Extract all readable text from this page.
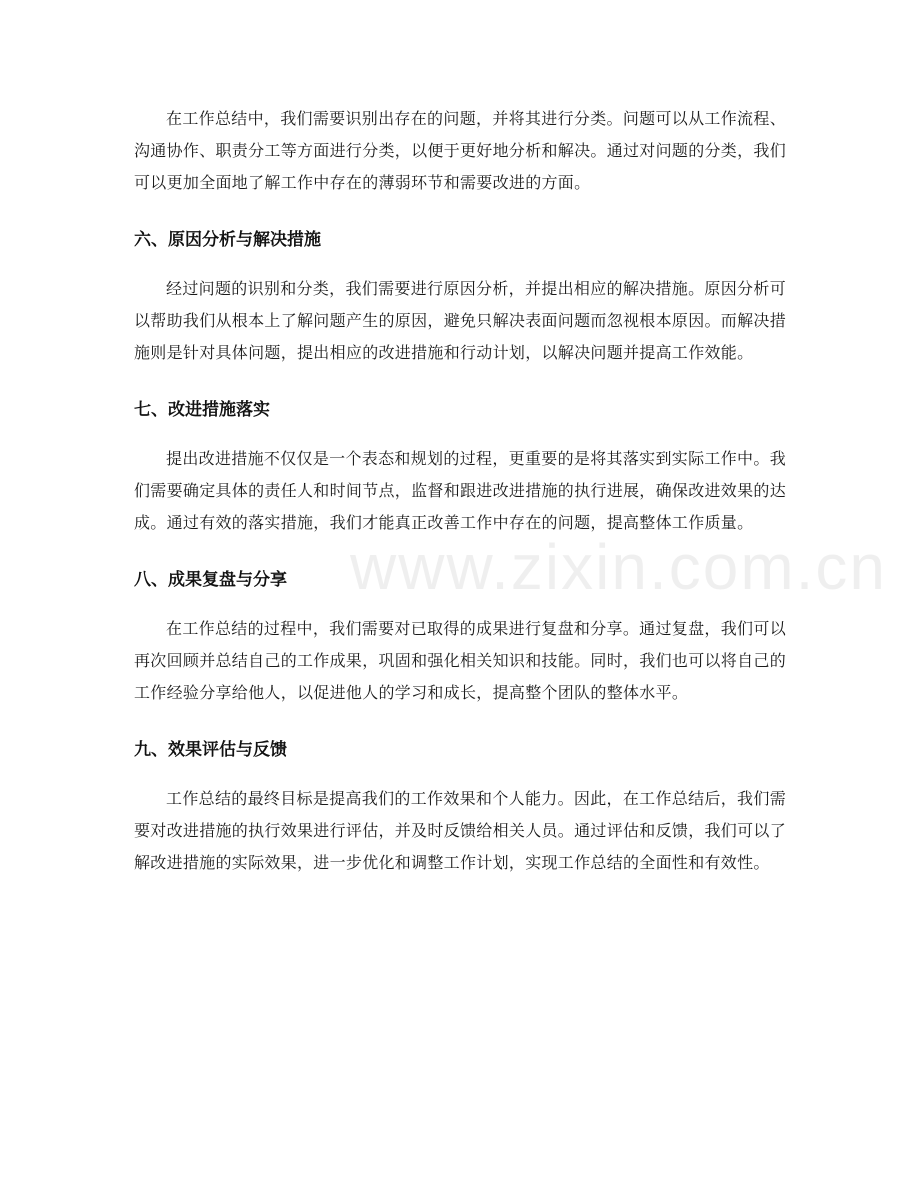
www.zixin.com.cn

在工作总结中，我们需要识别出存在的问题，并将其进行分类。问题可以从工作流程、沟通协作、职责分工等方面进行分类，以便于更好地分析和解决。通过对问题的分类，我们可以更加全面地了解工作中存在的薄弱环节和需要改进的方面。

六、原因分析与解决措施

经过问题的识别和分类，我们需要进行原因分析，并提出相应的解决措施。原因分析可以帮助我们从根本上了解问题产生的原因，避免只解决表面问题而忽视根本原因。而解决措施则是针对具体问题，提出相应的改进措施和行动计划，以解决问题并提高工作效能。

七、改进措施落实

提出改进措施不仅仅是一个表态和规划的过程，更重要的是将其落实到实际工作中。我们需要确定具体的责任人和时间节点，监督和跟进改进措施的执行进展，确保改进效果的达成。通过有效的落实措施，我们才能真正改善工作中存在的问题，提高整体工作质量。

八、成果复盘与分享

在工作总结的过程中，我们需要对已取得的成果进行复盘和分享。通过复盘，我们可以再次回顾并总结自己的工作成果，巩固和强化相关知识和技能。同时，我们也可以将自己的工作经验分享给他人，以促进他人的学习和成长，提高整个团队的整体水平。

九、效果评估与反馈

工作总结的最终目标是提高我们的工作效果和个人能力。因此，在工作总结后，我们需要对改进措施的执行效果进行评估，并及时反馈给相关人员。通过评估和反馈，我们可以了解改进措施的实际效果，进一步优化和调整工作计划，实现工作总结的全面性和有效性。
